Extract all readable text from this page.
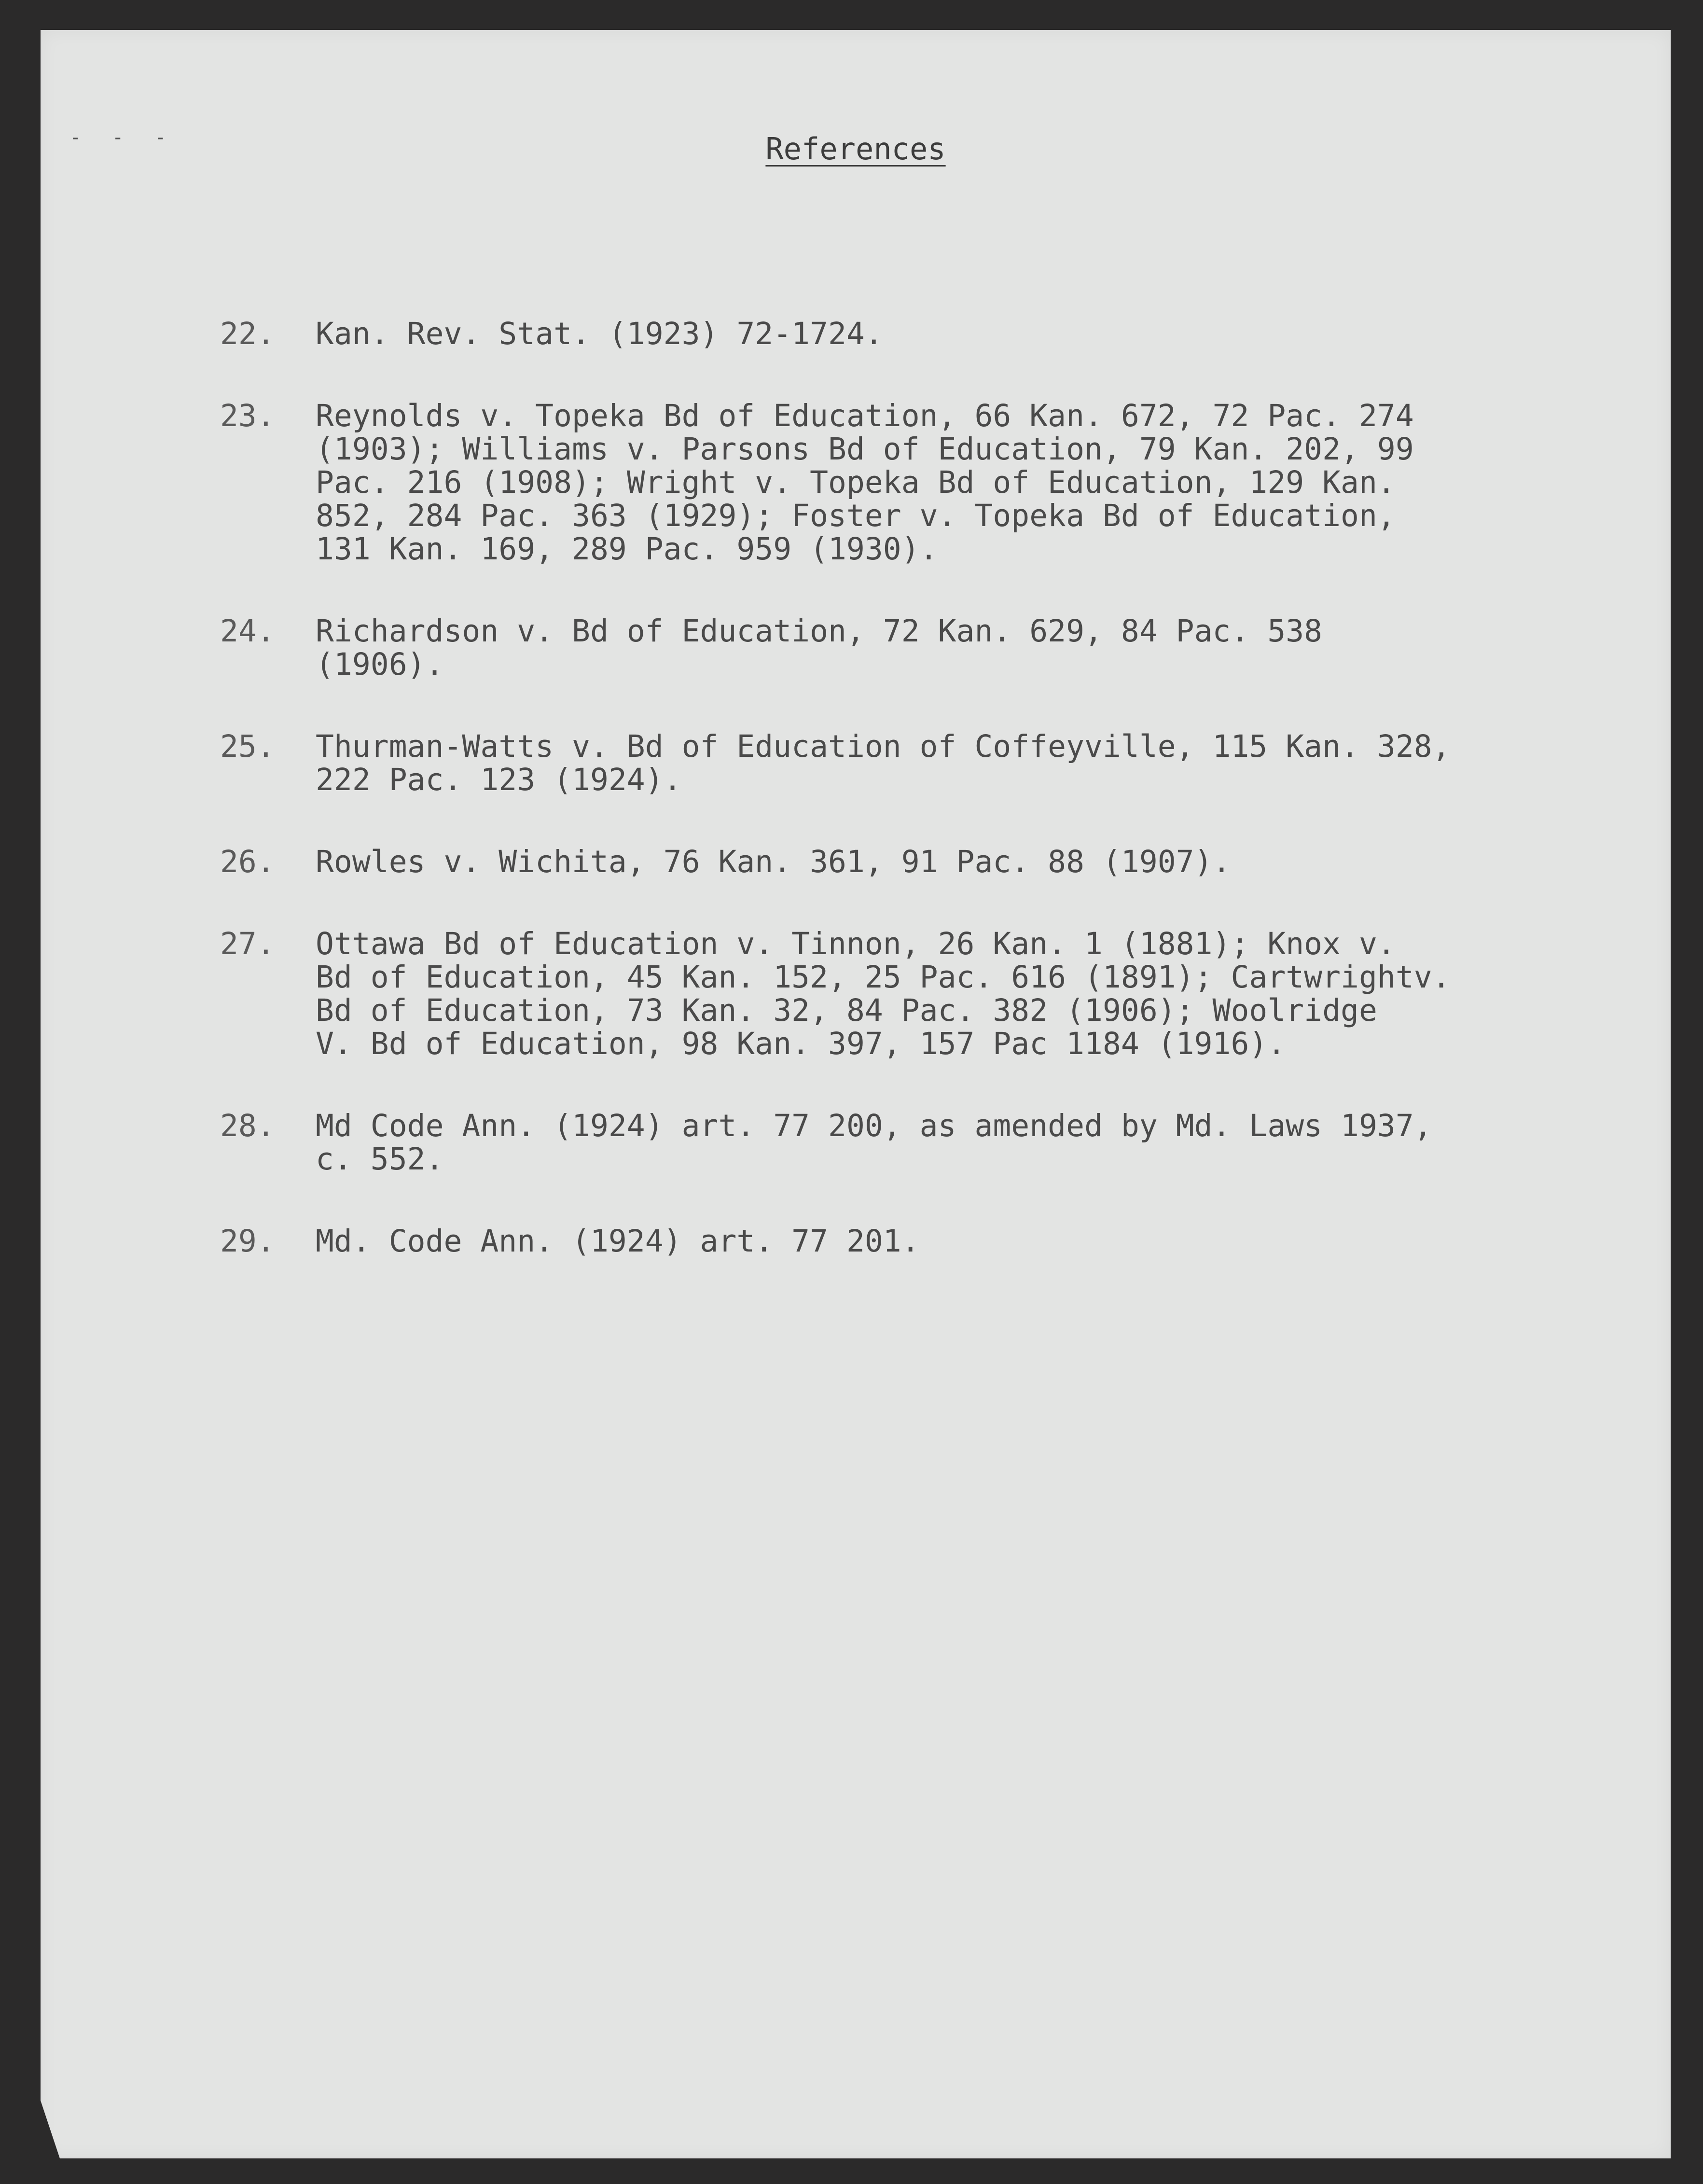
- - -	References
22.	Kan. Rev. Stat. (1923) 72-1724.
23.	Reynolds v. Topeka Bd of Education, 66 Kan. 672, 72 Pac. 274
(1903); Williams v. Parsons Bd of Education, 79 Kan. 202, 99
Pac. 216 (1908); Wright v. Topeka Bd of Education, 129 Kan.
852, 284 Pac. 363 (1929); Foster v. Topeka Bd of Education,
131 Kan. 169, 289 Pac. 959 (1930).
24.	Richardson v. Bd of Education, 72 Kan. 629, 84 Pac. 538
(1906).
25.	Thurman-Watts v. Bd of Education of Coffeyville, 115 Kan. 328,
222 Pac. 123 (1924).
26.	Rowles v. Wichita, 76 Kan. 361, 91 Pac. 88 (1907).
27.	Ottawa Bd of Education v. Tinnon, 26 Kan. 1 (1881); Knox v.
Bd of Education, 45 Kan. 152, 25 Pac. 616 (1891); Cartwrightv.
Bd of Education, 73 Kan. 32, 84 Pac. 382 (1906); Woolridge
V. Bd of Education, 98 Kan. 397, 157 Pac 1184 (1916).
28.	Md Code Ann. (1924) art. 77 200, as amended by Md. Laws 1937,
c. 552.
29.	Md. Code Ann. (1924) art. 77 201.
